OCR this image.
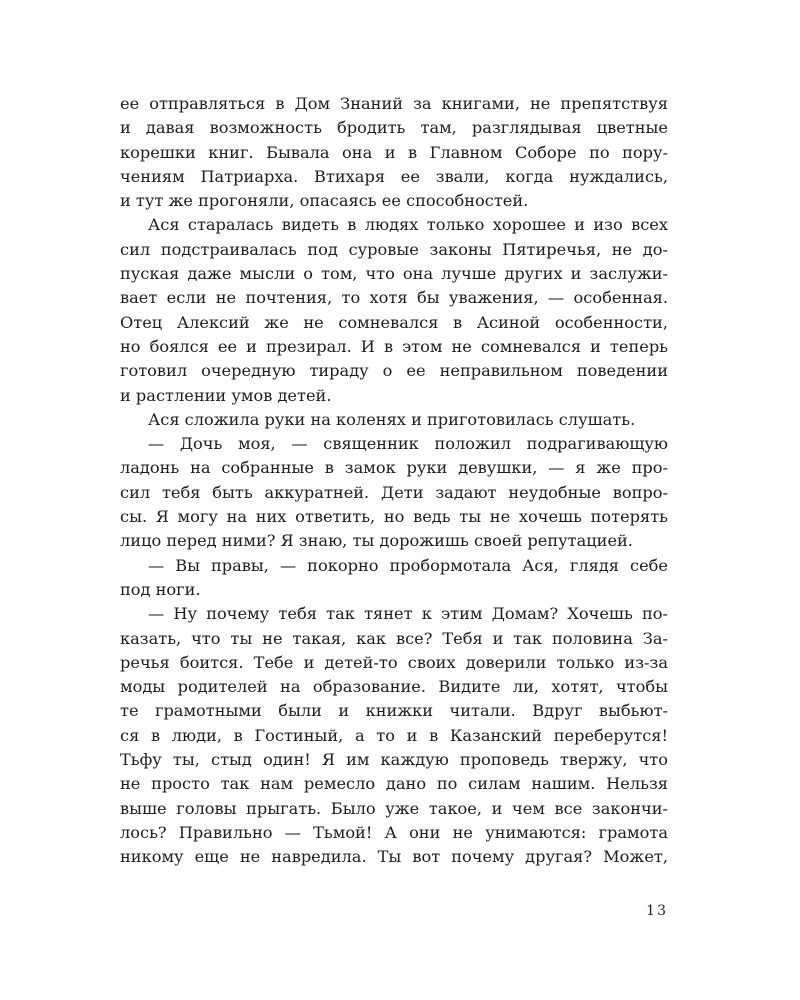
ее отправляться в Дом Знаний за книгами, не препятствуя
и давая возможность бродить там, разглядывая цветные
корешки книг. Бывала она и в Главном Соборе по пору-
чениям Патриарха. Втихаря ее звали, когда нуждались,
и тут же прогоняли, опасаясь ее способностей.
Ася старалась видеть в людях только хорошее и изо всех
сил подстраивалась под суровые законы Пятиречья, не до-
пуская даже мысли о том, что она лучше других и заслужи-
вает если не почтения, то хотя бы уважения, — особенная.
Отец Алексий же не сомневался в Асиной особенности,
но боялся ее и презирал. И в этом не сомневался и теперь
готовил очередную тираду о ее неправильном поведении
и растлении умов детей.
Ася сложила руки на коленях и приготовилась слушать.
— Дочь моя, — священник положил подрагивающую
ладонь на собранные в замок руки девушки, — я же про-
сил тебя быть аккуратней. Дети задают неудобные вопро-
сы. Я могу на них ответить, но ведь ты не хочешь потерять
лицо перед ними? Я знаю, ты дорожишь своей репутацией.
— Вы правы, — покорно пробормотала Ася, глядя себе
под ноги.
— Ну почему тебя так тянет к этим Домам? Хочешь по-
казать, что ты не такая, как все? Тебя и так половина За-
речья боится. Тебе и детей-то своих доверили только из-за
моды родителей на образование. Видите ли, хотят, чтобы
те грамотными были и книжки читали. Вдруг выбьют-
ся в люди, в Гостиный, а то и в Казанский переберутся!
Тьфу ты, стыд один! Я им каждую проповедь твержу, что
не просто так нам ремесло дано по силам нашим. Нельзя
выше головы прыгать. Было уже такое, и чем все закончи-
лось? Правильно — Тьмой! А они не унимаются: грамота
никому еще не навредила. Ты вот почему другая? Может,
13
